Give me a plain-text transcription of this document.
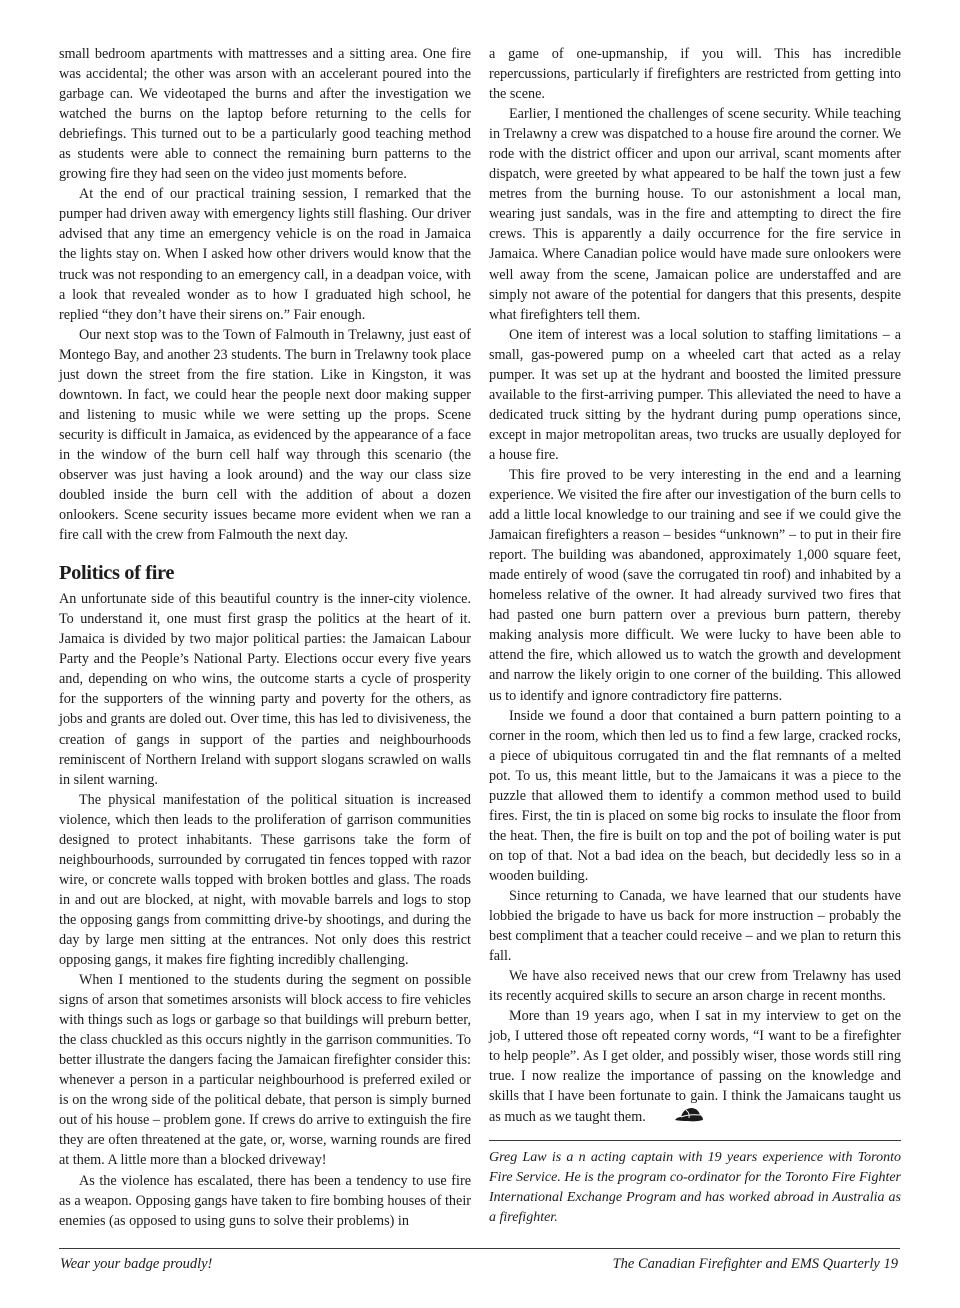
small bedroom apartments with mattresses and a sitting area. One fire was accidental; the other was arson with an accelerant poured into the garbage can. We videotaped the burns and after the investigation we watched the burns on the laptop before returning to the cells for debriefings. This turned out to be a particularly good teaching method as students were able to connect the remaining burn patterns to the growing fire they had seen on the video just moments before.

At the end of our practical training session, I remarked that the pumper had driven away with emergency lights still flashing. Our driver advised that any time an emergency vehicle is on the road in Jamaica the lights stay on. When I asked how other drivers would know that the truck was not responding to an emergency call, in a deadpan voice, with a look that revealed wonder as to how I graduated high school, he replied “they don’t have their sirens on.” Fair enough.

Our next stop was to the Town of Falmouth in Trelawny, just east of Montego Bay, and another 23 students. The burn in Trelawny took place just down the street from the fire station. Like in Kingston, it was downtown. In fact, we could hear the people next door making supper and listening to music while we were setting up the props. Scene security is difficult in Jamaica, as evidenced by the appearance of a face in the window of the burn cell half way through this scenario (the observer was just having a look around) and the way our class size doubled inside the burn cell with the addition of about a dozen onlookers. Scene security issues became more evident when we ran a fire call with the crew from Falmouth the next day.

Politics of fire

An unfortunate side of this beautiful country is the inner-city violence. To understand it, one must first grasp the politics at the heart of it. Jamaica is divided by two major political parties: the Jamaican Labour Party and the People’s National Party. Elections occur every five years and, depending on who wins, the outcome starts a cycle of prosperity for the supporters of the winning party and poverty for the others, as jobs and grants are doled out. Over time, this has led to divisiveness, the creation of gangs in support of the parties and neighbourhoods reminiscent of Northern Ireland with support slogans scrawled on walls in silent warning.

The physical manifestation of the political situation is increased violence, which then leads to the proliferation of garrison communities designed to protect inhabitants. These garrisons take the form of neighbourhoods, surrounded by corrugated tin fences topped with razor wire, or concrete walls topped with broken bottles and glass. The roads in and out are blocked, at night, with movable barrels and logs to stop the opposing gangs from committing drive-by shootings, and during the day by large men sitting at the entrances. Not only does this restrict opposing gangs, it makes fire fighting incredibly challenging.

When I mentioned to the students during the segment on possible signs of arson that sometimes arsonists will block access to fire vehicles with things such as logs or garbage so that buildings will preburn better, the class chuckled as this occurs nightly in the garrison communities. To better illustrate the dangers facing the Jamaican firefighter consider this: whenever a person in a particular neighbourhood is preferred exiled or is on the wrong side of the political debate, that person is simply burned out of his house – problem gone. If crews do arrive to extinguish the fire they are often threatened at the gate, or, worse, warning rounds are fired at them. A little more than a blocked driveway!

As the violence has escalated, there has been a tendency to use fire as a weapon. Opposing gangs have taken to fire bombing houses of their enemies (as opposed to using guns to solve their problems) in

a game of one-upmanship, if you will. This has incredible repercussions, particularly if firefighters are restricted from getting into the scene.

Earlier, I mentioned the challenges of scene security. While teaching in Trelawny a crew was dispatched to a house fire around the corner. We rode with the district officer and upon our arrival, scant moments after dispatch, were greeted by what appeared to be half the town just a few metres from the burning house. To our astonishment a local man, wearing just sandals, was in the fire and attempting to direct the fire crews. This is apparently a daily occurrence for the fire service in Jamaica. Where Canadian police would have made sure onlookers were well away from the scene, Jamaican police are understaffed and are simply not aware of the potential for dangers that this presents, despite what firefighters tell them.

One item of interest was a local solution to staffing limitations – a small, gas-powered pump on a wheeled cart that acted as a relay pumper. It was set up at the hydrant and boosted the limited pressure available to the first-arriving pumper. This alleviated the need to have a dedicated truck sitting by the hydrant during pump operations since, except in major metropolitan areas, two trucks are usually deployed for a house fire.

This fire proved to be very interesting in the end and a learning experience. We visited the fire after our investigation of the burn cells to add a little local knowledge to our training and see if we could give the Jamaican firefighters a reason – besides “unknown” – to put in their fire report. The building was abandoned, approximately 1,000 square feet, made entirely of wood (save the corrugated tin roof) and inhabited by a homeless relative of the owner. It had already survived two fires that had pasted one burn pattern over a previous burn pattern, thereby making analysis more difficult. We were lucky to have been able to attend the fire, which allowed us to watch the growth and development and narrow the likely origin to one corner of the building. This allowed us to identify and ignore contradictory fire patterns.

Inside we found a door that contained a burn pattern pointing to a corner in the room, which then led us to find a few large, cracked rocks, a piece of ubiquitous corrugated tin and the flat remnants of a melted pot. To us, this meant little, but to the Jamaicans it was a piece to the puzzle that allowed them to identify a common method used to build fires. First, the tin is placed on some big rocks to insulate the floor from the heat. Then, the fire is built on top and the pot of boiling water is put on top of that. Not a bad idea on the beach, but decidedly less so in a wooden building.

Since returning to Canada, we have learned that our students have lobbied the brigade to have us back for more instruction – probably the best compliment that a teacher could receive – and we plan to return this fall.

We have also received news that our crew from Trelawny has used its recently acquired skills to secure an arson charge in recent months.

More than 19 years ago, when I sat in my interview to get on the job, I uttered those oft repeated corny words, “I want to be a firefighter to help people”. As I get older, and possibly wiser, those words still ring true. I now realize the importance of passing on the knowledge and skills that I have been fortunate to gain. I think the Jamaicans taught us as much as we taught them.

Greg Law is a n acting captain with 19 years experience with Toronto Fire Service. He is the program co-ordinator for the Toronto Fire Fighter International Exchange Program and has worked abroad in Australia as a firefighter.

Wear your badge proudly!	The Canadian Firefighter and EMS Quarterly 19
